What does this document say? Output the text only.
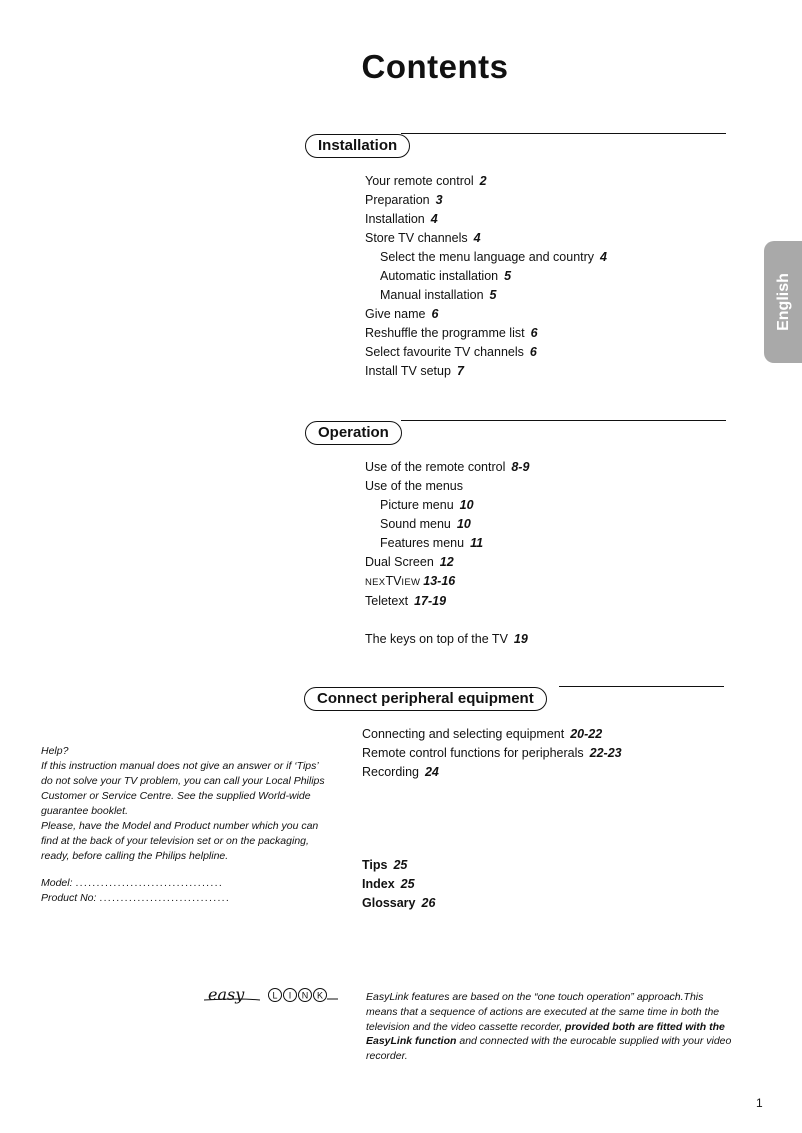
Contents
English
Installation
Your remote control 2
Preparation 3
Installation 4
Store TV channels 4
Select the menu language and country 4
Automatic installation 5
Manual installation 5
Give name 6
Reshuffle the programme list 6
Select favourite TV channels 6
Install TV setup 7
Operation
Use of the remote control 8-9
Use of the menus
Picture menu 10
Sound menu 10
Features menu 11
Dual Screen 12
NEXTVIEW 13-16
Teletext 17-19
The keys on top of the TV 19
Connect peripheral equipment
Connecting and selecting equipment 20-22
Remote control functions for peripherals 22-23
Recording 24
Tips 25
Index 25
Glossary 26

Help?

If this instruction manual does not give an answer or if ‘Tips’ do not solve your TV problem, you can call your Local Philips Customer or Service Centre. See the supplied World-wide guarantee booklet.

Please, have the Model and Product number which you can find at the back of your television set or on the packaging, ready, before calling the Philips helpline.

Model: ...................................
Product No: ...............................
easy	L I N K	EasyLink features are based on the “one touch operation” approach.This means that a sequence of actions are executed at the same time in both the television and the video cassette recorder, provided both are fitted with the EasyLink function and connected with the eurocable supplied with your video recorder.
1
